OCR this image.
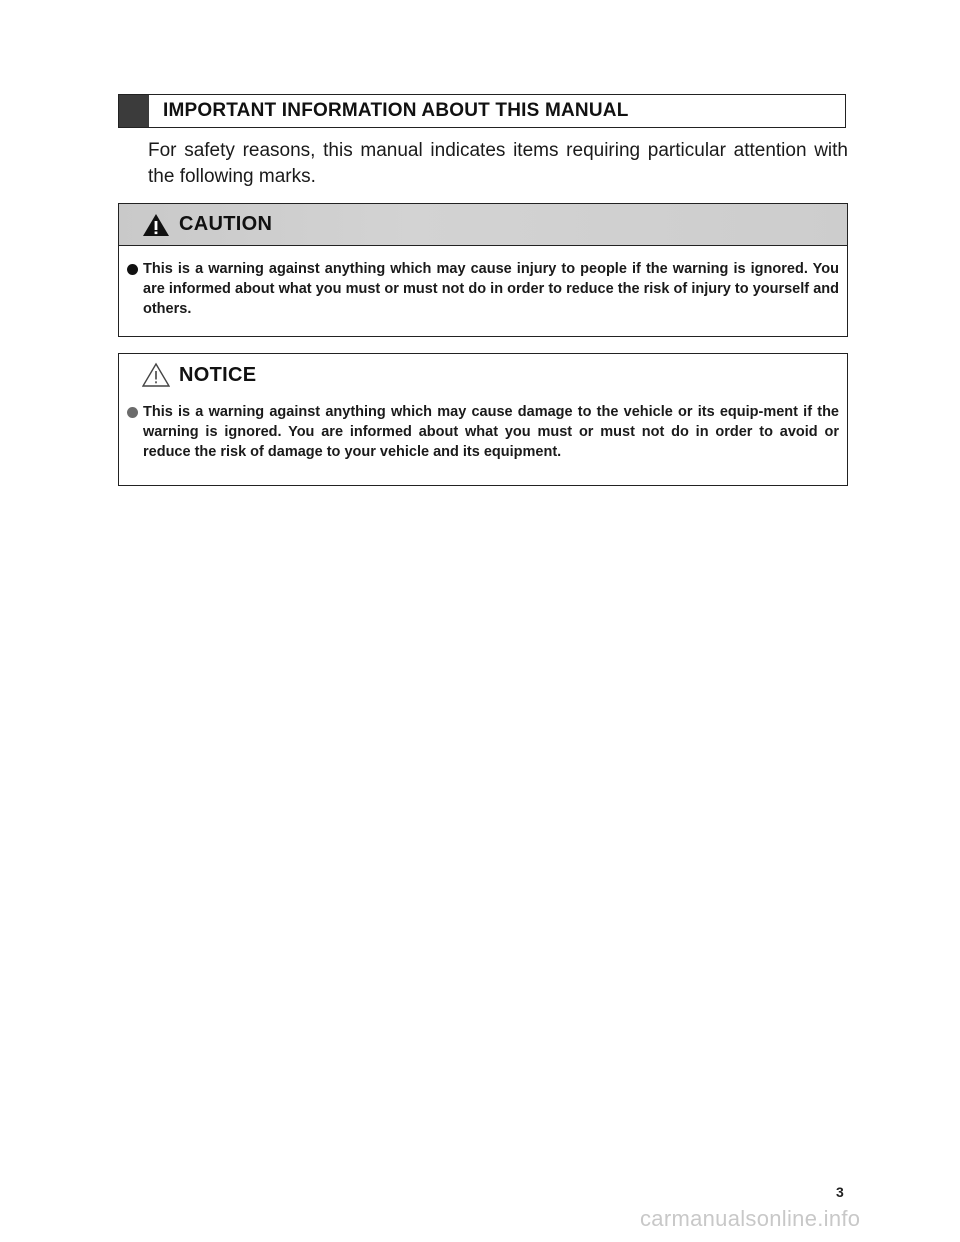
IMPORTANT INFORMATION ABOUT THIS MANUAL
For safety reasons, this manual indicates items requiring particular attention with the following marks.
CAUTION
This is a warning against anything which may cause injury to people if the warning is ignored. You are informed about what you must or must not do in order to reduce the risk of injury to yourself and others.
NOTICE
This is a warning against anything which may cause damage to the vehicle or its equip-ment if the warning is ignored. You are informed about what you must or must not do in order to avoid or reduce the risk of damage to your vehicle and its equipment.
3
carmanualsonline.info
